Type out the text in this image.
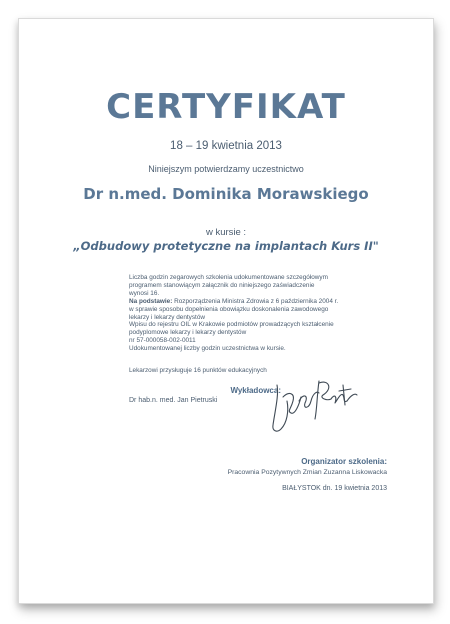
CERTYFIKAT
18 – 19 kwietnia 2013
Niniejszym potwierdzamy uczestnictwo
Dr n.med. Dominika Morawskiego
w kursie :
„Odbudowy protetyczne na implantach Kurs II"
Liczba godzin zegarowych szkolenia udokumentowane szczegółowym
programem stanowiącym załącznik do niniejszego zaświadczenie
wynosi 16.
Na podstawie: Rozporządzenia Ministra Zdrowia z 6 października 2004 r.
w sprawie sposobu dopełnienia obowiązku doskonalenia zawodowego
lekarzy i lekarzy dentystów
Wpisu do rejestru OIL w Krakowie podmiotów prowadzących kształcenie
podyplomowe lekarzy i lekarzy dentystów
nr 57-000058-002-0011
Udokumentowanej liczby godzin uczestnictwa w kursie.
Lekarzowi przysługuje 16 punktów edukacyjnych
Wykładowca:
Dr hab.n. med. Jan Pietruski
Organizator szkolenia:
Pracownia Pozytywnych Zmian Zuzanna Liskowacka
BIAŁYSTOK dn. 19 kwietnia 2013
